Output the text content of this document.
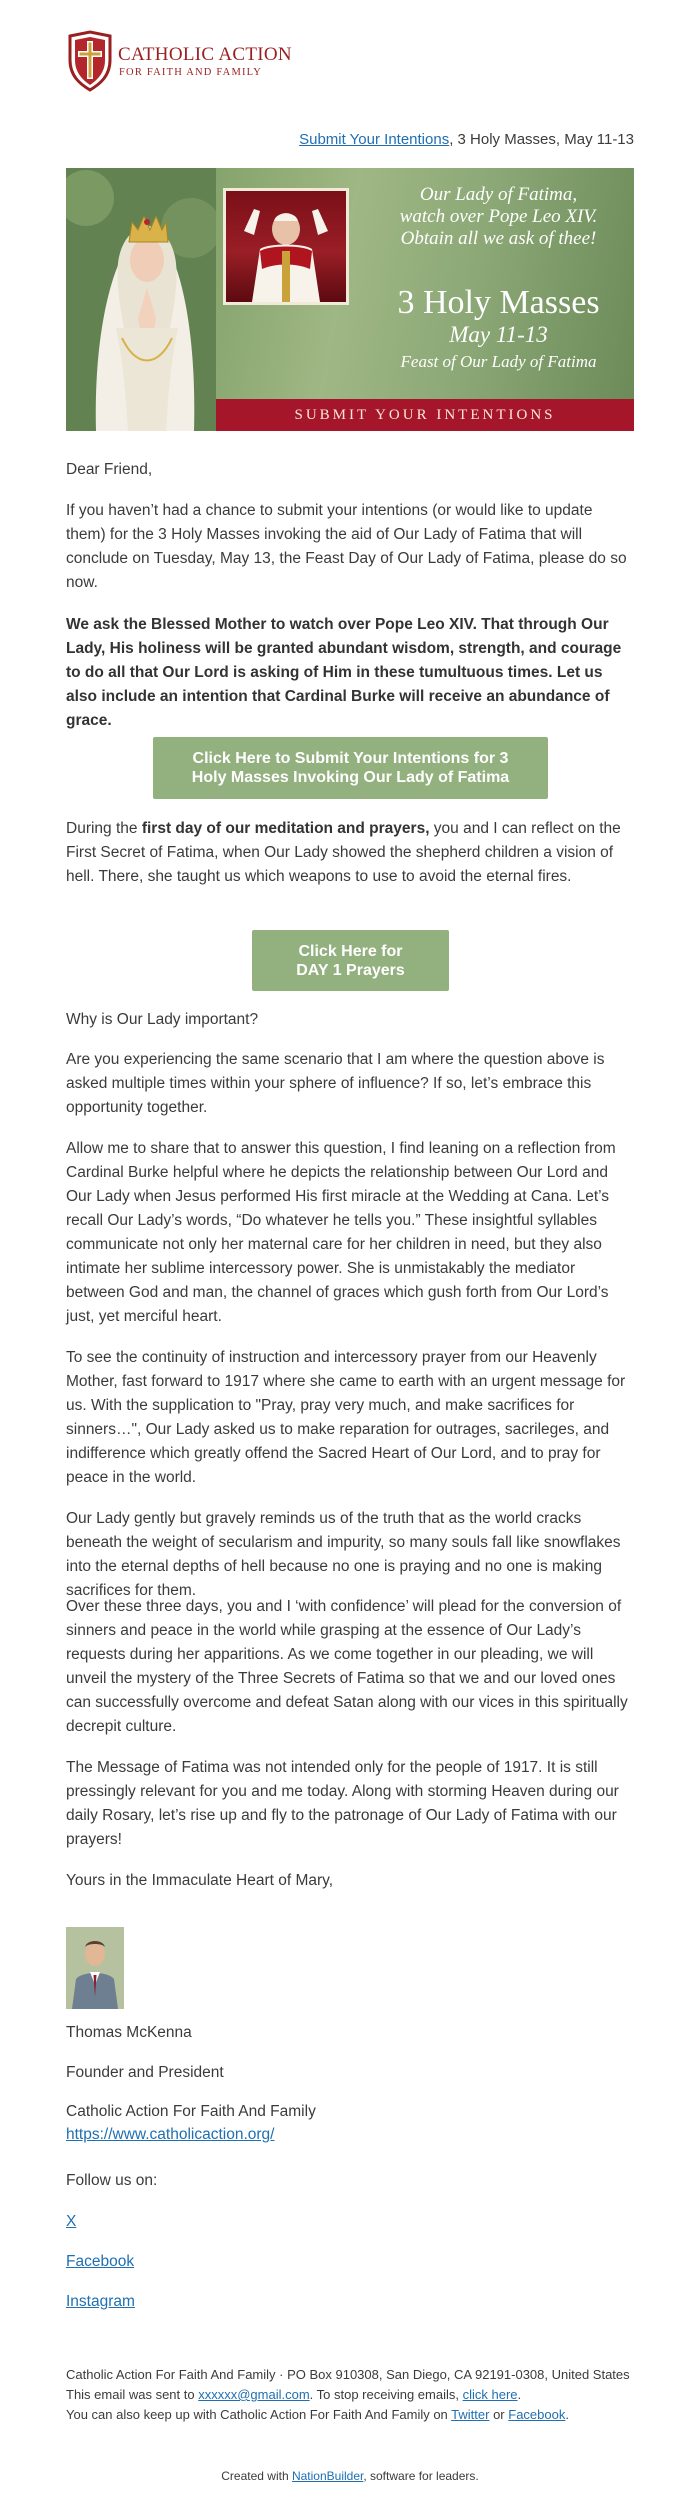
CATHOLIC ACTION
FOR FAITH AND FAMILY
Submit Your Intentions, 3 Holy Masses, May 11-13
Our Lady of Fatima,
watch over Pope Leo XIV.
Obtain all we ask of thee!
3 Holy Masses
May 11-13
Feast of Our Lady of Fatima
SUBMIT YOUR INTENTIONS

Dear Friend,

If you haven’t had a chance to submit your intentions (or would like to update them) for the 3 Holy Masses invoking the aid of Our Lady of Fatima that will conclude on Tuesday, May 13, the Feast Day of Our Lady of Fatima, please do so now.

We ask the Blessed Mother to watch over Pope Leo XIV. That through Our Lady, His holiness will be granted abundant wisdom, strength, and courage to do all that Our Lord is asking of Him in these tumultuous times. Let us also include an intention that Cardinal Burke will receive an abundance of grace.

Click Here to Submit Your Intentions for 3
Holy Masses Invoking Our Lady of Fatima

During the first day of our meditation and prayers, you and I can reflect on the First Secret of Fatima, when Our Lady showed the shepherd children a vision of hell. There, she taught us which weapons to use to avoid the eternal fires.

Click Here for
DAY 1 Prayers

Why is Our Lady important?

Are you experiencing the same scenario that I am where the question above is asked multiple times within your sphere of influence? If so, let’s embrace this opportunity together.

Allow me to share that to answer this question, I find leaning on a reflection from Cardinal Burke helpful where he depicts the relationship between Our Lord and Our Lady when Jesus performed His first miracle at the Wedding at Cana. Let’s recall Our Lady’s words, “Do whatever he tells you.” These insightful syllables communicate not only her maternal care for her children in need, but they also intimate her sublime intercessory power. She is unmistakably the mediator between God and man, the channel of graces which gush forth from Our Lord’s just, yet merciful heart.

To see the continuity of instruction and intercessory prayer from our Heavenly Mother, fast forward to 1917 where she came to earth with an urgent message for us. With the supplication to "Pray, pray very much, and make sacrifices for sinners…", Our Lady asked us to make reparation for outrages, sacrileges, and indifference which greatly offend the Sacred Heart of Our Lord, and to pray for peace in the world.

Our Lady gently but gravely reminds us of the truth that as the world cracks beneath the weight of secularism and impurity, so many souls fall like snowflakes into the eternal depths of hell because no one is praying and no one is making sacrifices for them.

Over these three days, you and I ‘with confidence’ will plead for the conversion of sinners and peace in the world while grasping at the essence of Our Lady’s requests during her apparitions. As we come together in our pleading, we will unveil the mystery of the Three Secrets of Fatima so that we and our loved ones can successfully overcome and defeat Satan along with our vices in this spiritually decrepit culture.

The Message of Fatima was not intended only for the people of 1917. It is still pressingly relevant for you and me today. Along with storming Heaven during our daily Rosary, let’s rise up and fly to the patronage of Our Lady of Fatima with our prayers!

Yours in the Immaculate Heart of Mary,

Thomas McKenna

Founder and President

Catholic Action For Faith And Family

https://www.catholicaction.org/

Follow us on:

X

Facebook

Instagram

Catholic Action For Faith And Family · PO Box 910308, San Diego, CA 92191-0308, United States
This email was sent to xxxxxx@gmail.com. To stop receiving emails, click here.
You can also keep up with Catholic Action For Faith And Family on Twitter or Facebook.
Created with NationBuilder, software for leaders.
